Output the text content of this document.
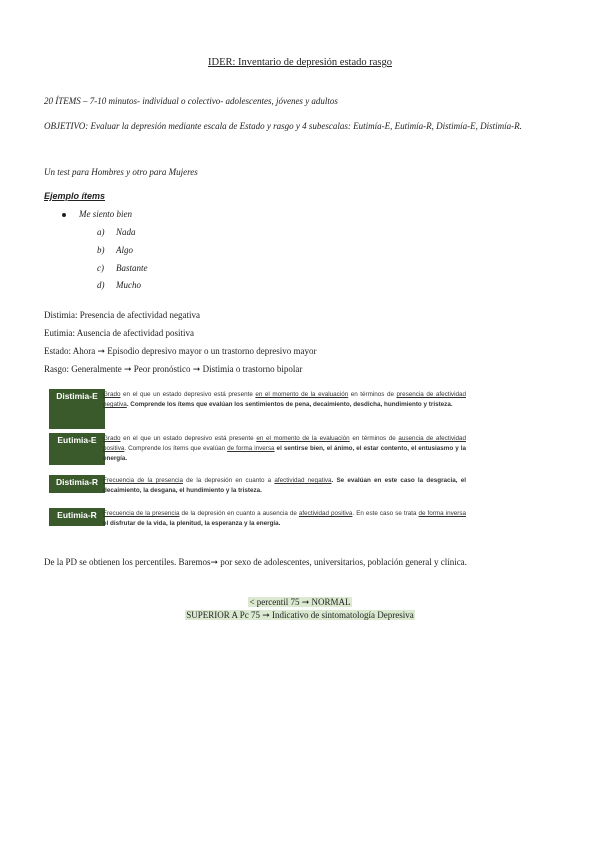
IDER: Inventario de depresión estado rasgo
20 ÍTEMS – 7-10 minutos- individual o colectivo- adolescentes, jóvenes y adultos
OBJETIVO: Evaluar la depresión mediante escala de Estado y rasgo y 4 subescalas: Eutimía-E, Eutimía-R, Distimía-E, Distimía-R.
Un test para Hombres y otro para Mujeres
Ejemplo ítems
Me siento bien
a) Nada
b) Algo
c) Bastante
d) Mucho
Distimia: Presencia de afectividad negativa
Eutimia: Ausencia de afectividad positiva
Estado: Ahora ➞ Episodio depresivo mayor o un trastorno depresivo mayor
Rasgo: Generalmente ➞ Peor pronóstico ➞ Distimia o trastorno bipolar
Distimia-E Grado en el que un estado depresivo está presente en el momento de la evaluación en términos de presencia de afectividad negativa. Comprende los ítems que evalúan los sentimientos de pena, decaimiento, desdicha, hundimiento y tristeza.
Eutimia-E	Grado en el que un estado depresivo está presente en el momento de la evaluación en términos de ausencia de afectividad positiva. Comprende los ítems que evalúan de forma inversa el sentirse bien, el ánimo, el estar contento, el entusiasmo y la energía.
Distimia-R Frecuencia de la presencia de la depresión en cuanto a afectividad negativa. Se evalúan en este caso la desgracia, el decaimiento, la desgana, el hundimiento y la tristeza.
Eutimia-R Frecuencia de la presencia de la depresión en cuanto a ausencia de afectividad positiva. En este caso se trata de forma inversa el disfrutar de la vida, la plenitud, la esperanza y la energía.
De la PD se obtienen los percentiles. Baremos➞ por sexo de adolescentes, universitarios, población general y clínica.
< percentil 75 ➞ NORMAL
SUPERIOR A Pc 75 ➞ Indicativo de sintomatología Depresiva
